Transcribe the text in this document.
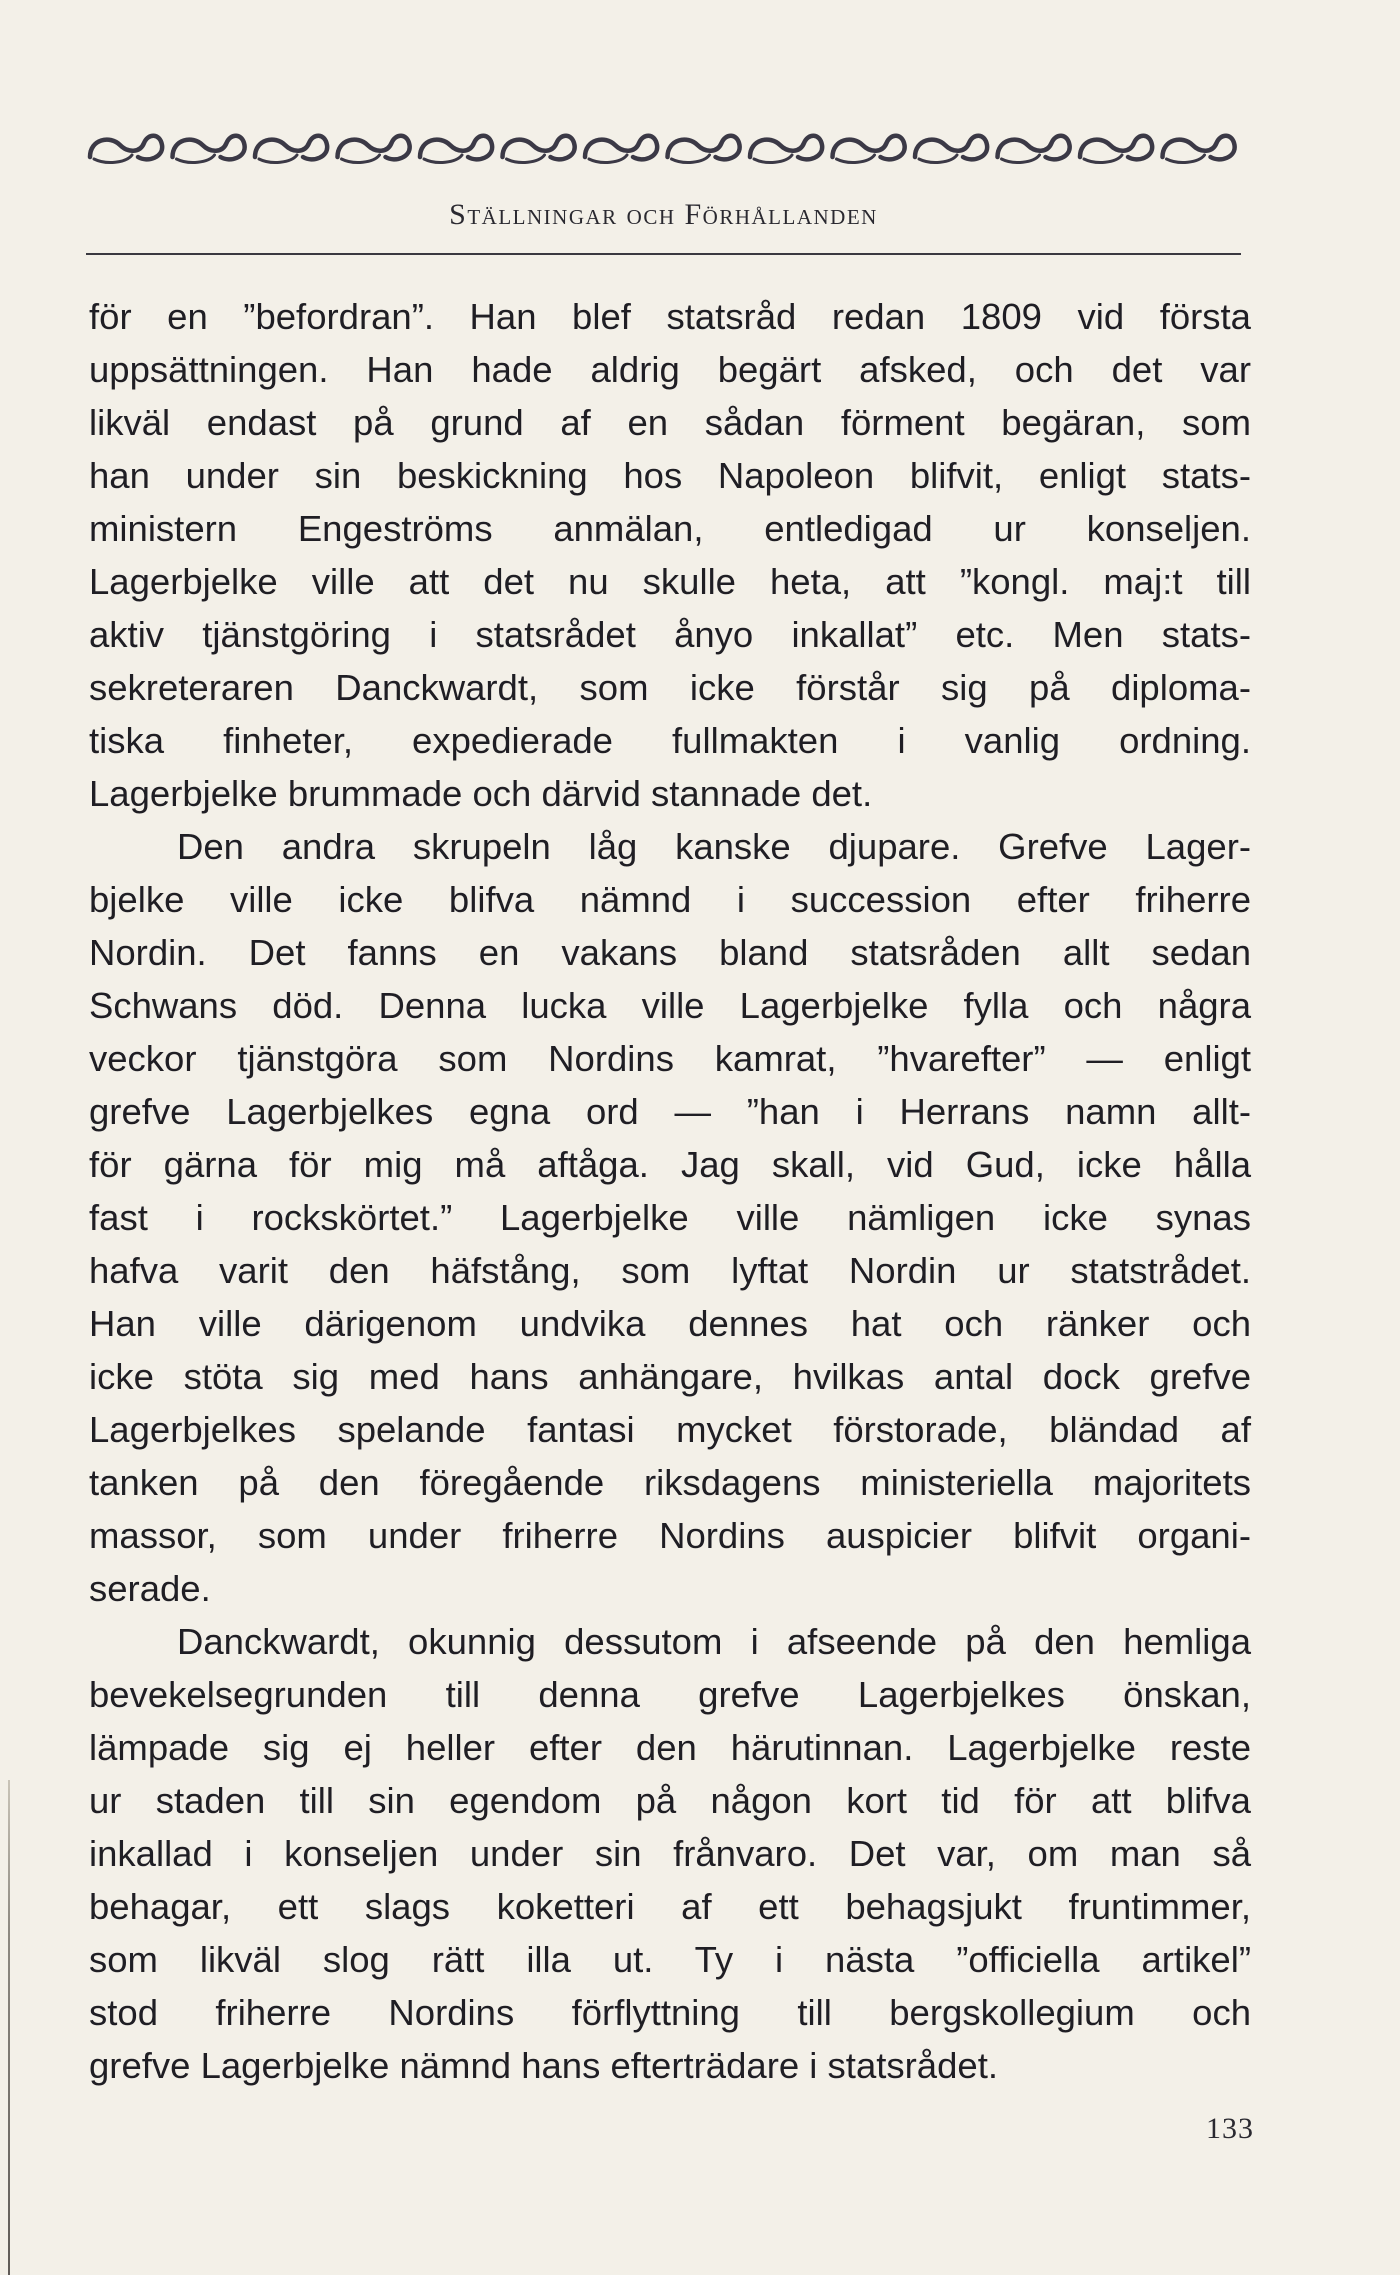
Ställningar och Förhållanden
för en ”befordran”. Han blef statsråd redan 1809 vid första
uppsättningen. Han hade aldrig begärt afsked, och det var
likväl endast på grund af en sådan förment begäran, som
han under sin beskickning hos Napoleon blifvit, enligt stats-
ministern Engeströms anmälan, entledigad ur konseljen.
Lagerbjelke ville att det nu skulle heta, att ”kongl. maj:t till
aktiv tjänstgöring i statsrådet ånyo inkallat” etc. Men stats-
sekreteraren Danckwardt, som icke förstår sig på diploma-
tiska finheter, expedierade fullmakten i vanlig ordning.
Lagerbjelke brummade och därvid stannade det.
Den andra skrupeln låg kanske djupare. Grefve Lager-
bjelke ville icke blifva nämnd i succession efter friherre
Nordin. Det fanns en vakans bland statsråden allt sedan
Schwans död. Denna lucka ville Lagerbjelke fylla och några
veckor tjänstgöra som Nordins kamrat, ”hvarefter” — enligt
grefve Lagerbjelkes egna ord — ”han i Herrans namn allt-
för gärna för mig må aftåga. Jag skall, vid Gud, icke hålla
fast i rockskörtet.” Lagerbjelke ville nämligen icke synas
hafva varit den häfstång, som lyftat Nordin ur statstrådet.
Han ville därigenom undvika dennes hat och ränker och
icke stöta sig med hans anhängare, hvilkas antal dock grefve
Lagerbjelkes spelande fantasi mycket förstorade, bländad af
tanken på den föregående riksdagens ministeriella majoritets
massor, som under friherre Nordins auspicier blifvit organi-
serade.
Danckwardt, okunnig dessutom i afseende på den hemliga
bevekelsegrunden till denna grefve Lagerbjelkes önskan,
lämpade sig ej heller efter den härutinnan. Lagerbjelke reste
ur staden till sin egendom på någon kort tid för att blifva
inkallad i konseljen under sin frånvaro. Det var, om man så
behagar, ett slags koketteri af ett behagsjukt fruntimmer,
som likväl slog rätt illa ut. Ty i nästa ”officiella artikel”
stod friherre Nordins förflyttning till bergskollegium och
grefve Lagerbjelke nämnd hans efterträdare i statsrådet.
133
